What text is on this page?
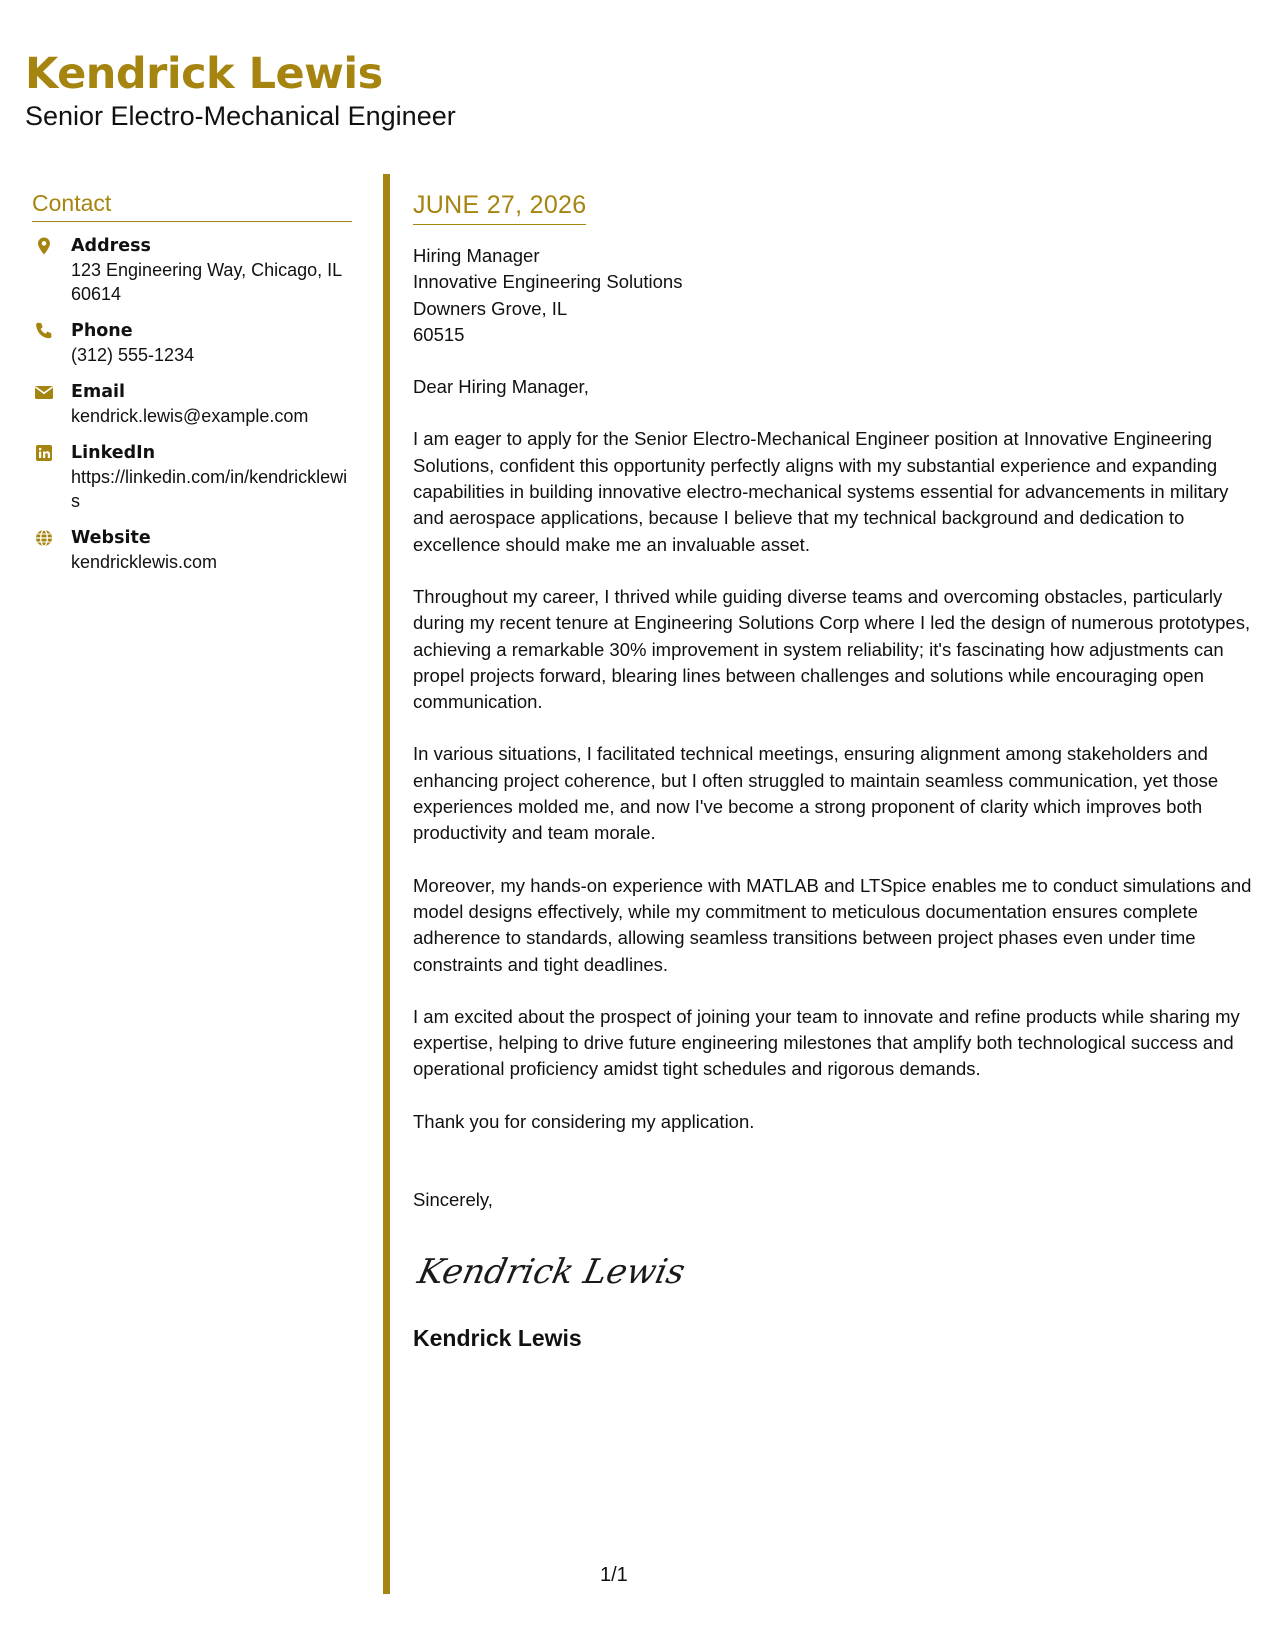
Kendrick Lewis
Senior Electro-Mechanical Engineer
Contact
Address
123 Engineering Way, Chicago, IL 60614
Phone
(312) 555-1234
Email
kendrick.lewis@example.com
LinkedIn
https://linkedin.com/in/kendricklewis
Website
kendricklewis.com
JUNE 27, 2026
Hiring Manager
Innovative Engineering Solutions
Downers Grove, IL
60515
Dear Hiring Manager,

I am eager to apply for the Senior Electro-Mechanical Engineer position at Innovative Engineering Solutions, confident this opportunity perfectly aligns with my substantial experience and expanding capabilities in building innovative electro-mechanical systems essential for advancements in military and aerospace applications, because I believe that my technical background and dedication to excellence should make me an invaluable asset.

Throughout my career, I thrived while guiding diverse teams and overcoming obstacles, particularly during my recent tenure at Engineering Solutions Corp where I led the design of numerous prototypes, achieving a remarkable 30% improvement in system reliability; it's fascinating how adjustments can propel projects forward, blearing lines between challenges and solutions while encouraging open communication.

In various situations, I facilitated technical meetings, ensuring alignment among stakeholders and enhancing project coherence, but I often struggled to maintain seamless communication, yet those experiences molded me, and now I've become a strong proponent of clarity which improves both productivity and team morale.

Moreover, my hands-on experience with MATLAB and LTSpice enables me to conduct simulations and model designs effectively, while my commitment to meticulous documentation ensures complete adherence to standards, allowing seamless transitions between project phases even under time constraints and tight deadlines.

I am excited about the prospect of joining your team to innovate and refine products while sharing my expertise, helping to drive future engineering milestones that amplify both technological success and operational proficiency amidst tight schedules and rigorous demands.

Thank you for considering my application.

Sincerely,
Kendrick Lewis
Kendrick Lewis
1/1
